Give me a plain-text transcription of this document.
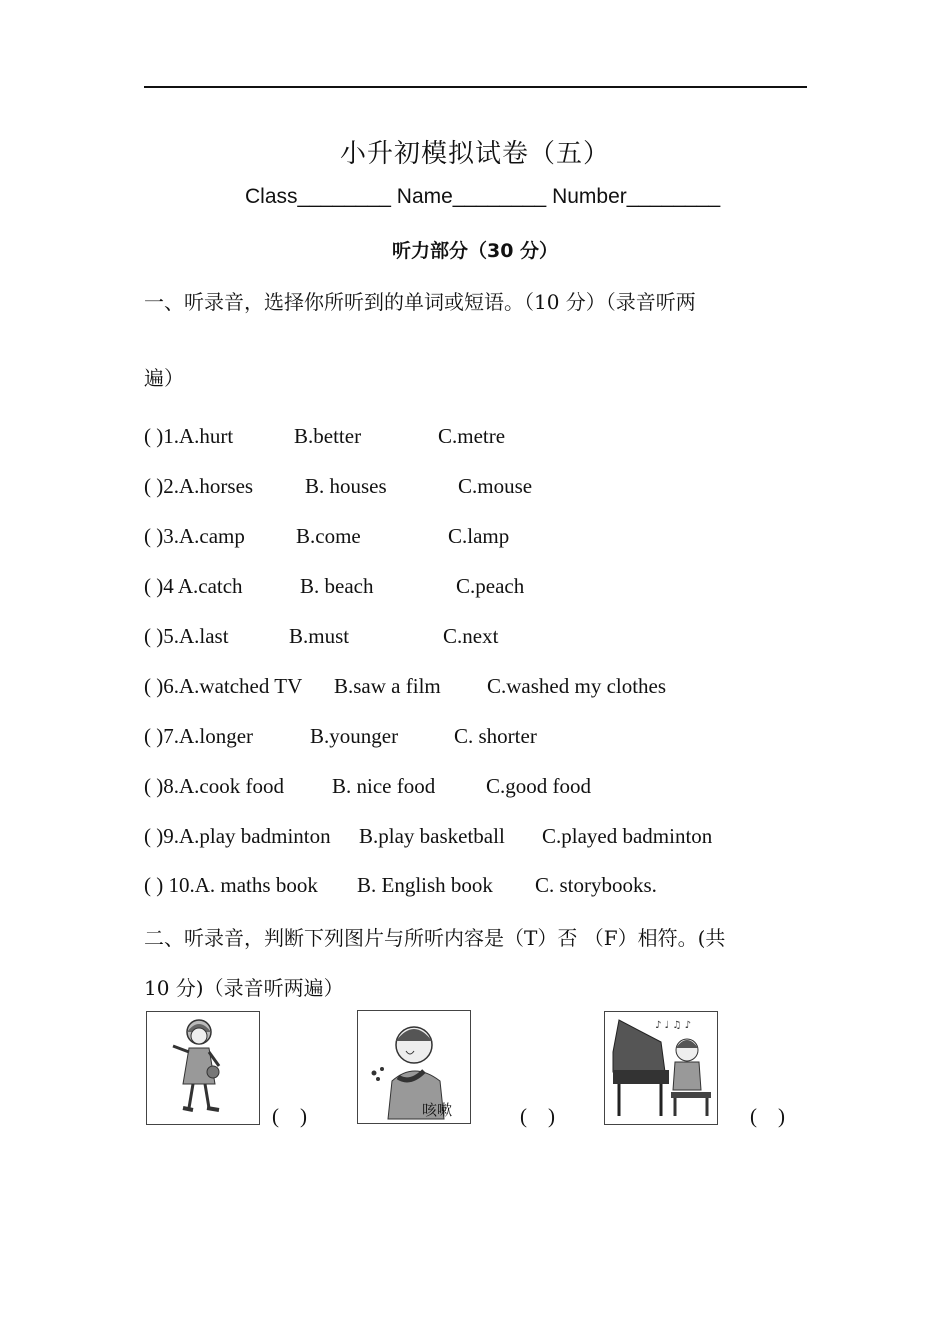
小升初模拟试卷（五）
Class________ Name________ Number________
听力部分（30 分）
一、听录音，选择你所听到的单词或短语。（10 分）（录音听两
遍）
( )1.A.hurt	B.better	C.metre
( )2.A.horses B. houses	C.mouse
( )3.A.camp B.come	C.lamp
( )4 A.catch	B. beach	C.peach
( )5.A.last	B.must	C.next
( )6.A.watched TV B.saw a film C.washed my clothes
( )7.A.longer	B.younger	C. shorter
( )8.A.cook food B. nice food C.good food
( )9.A.play badminton B.play basketball C.played badminton
( ) 10.A. maths book B. English book C. storybooks.
二、听录音，判断下列图片与所听内容是（T）否 （F）相符。(共
10 分)（录音听两遍）
(    )	咳嗽	(    )
♪ ♩ ♫ ♪
(    )
